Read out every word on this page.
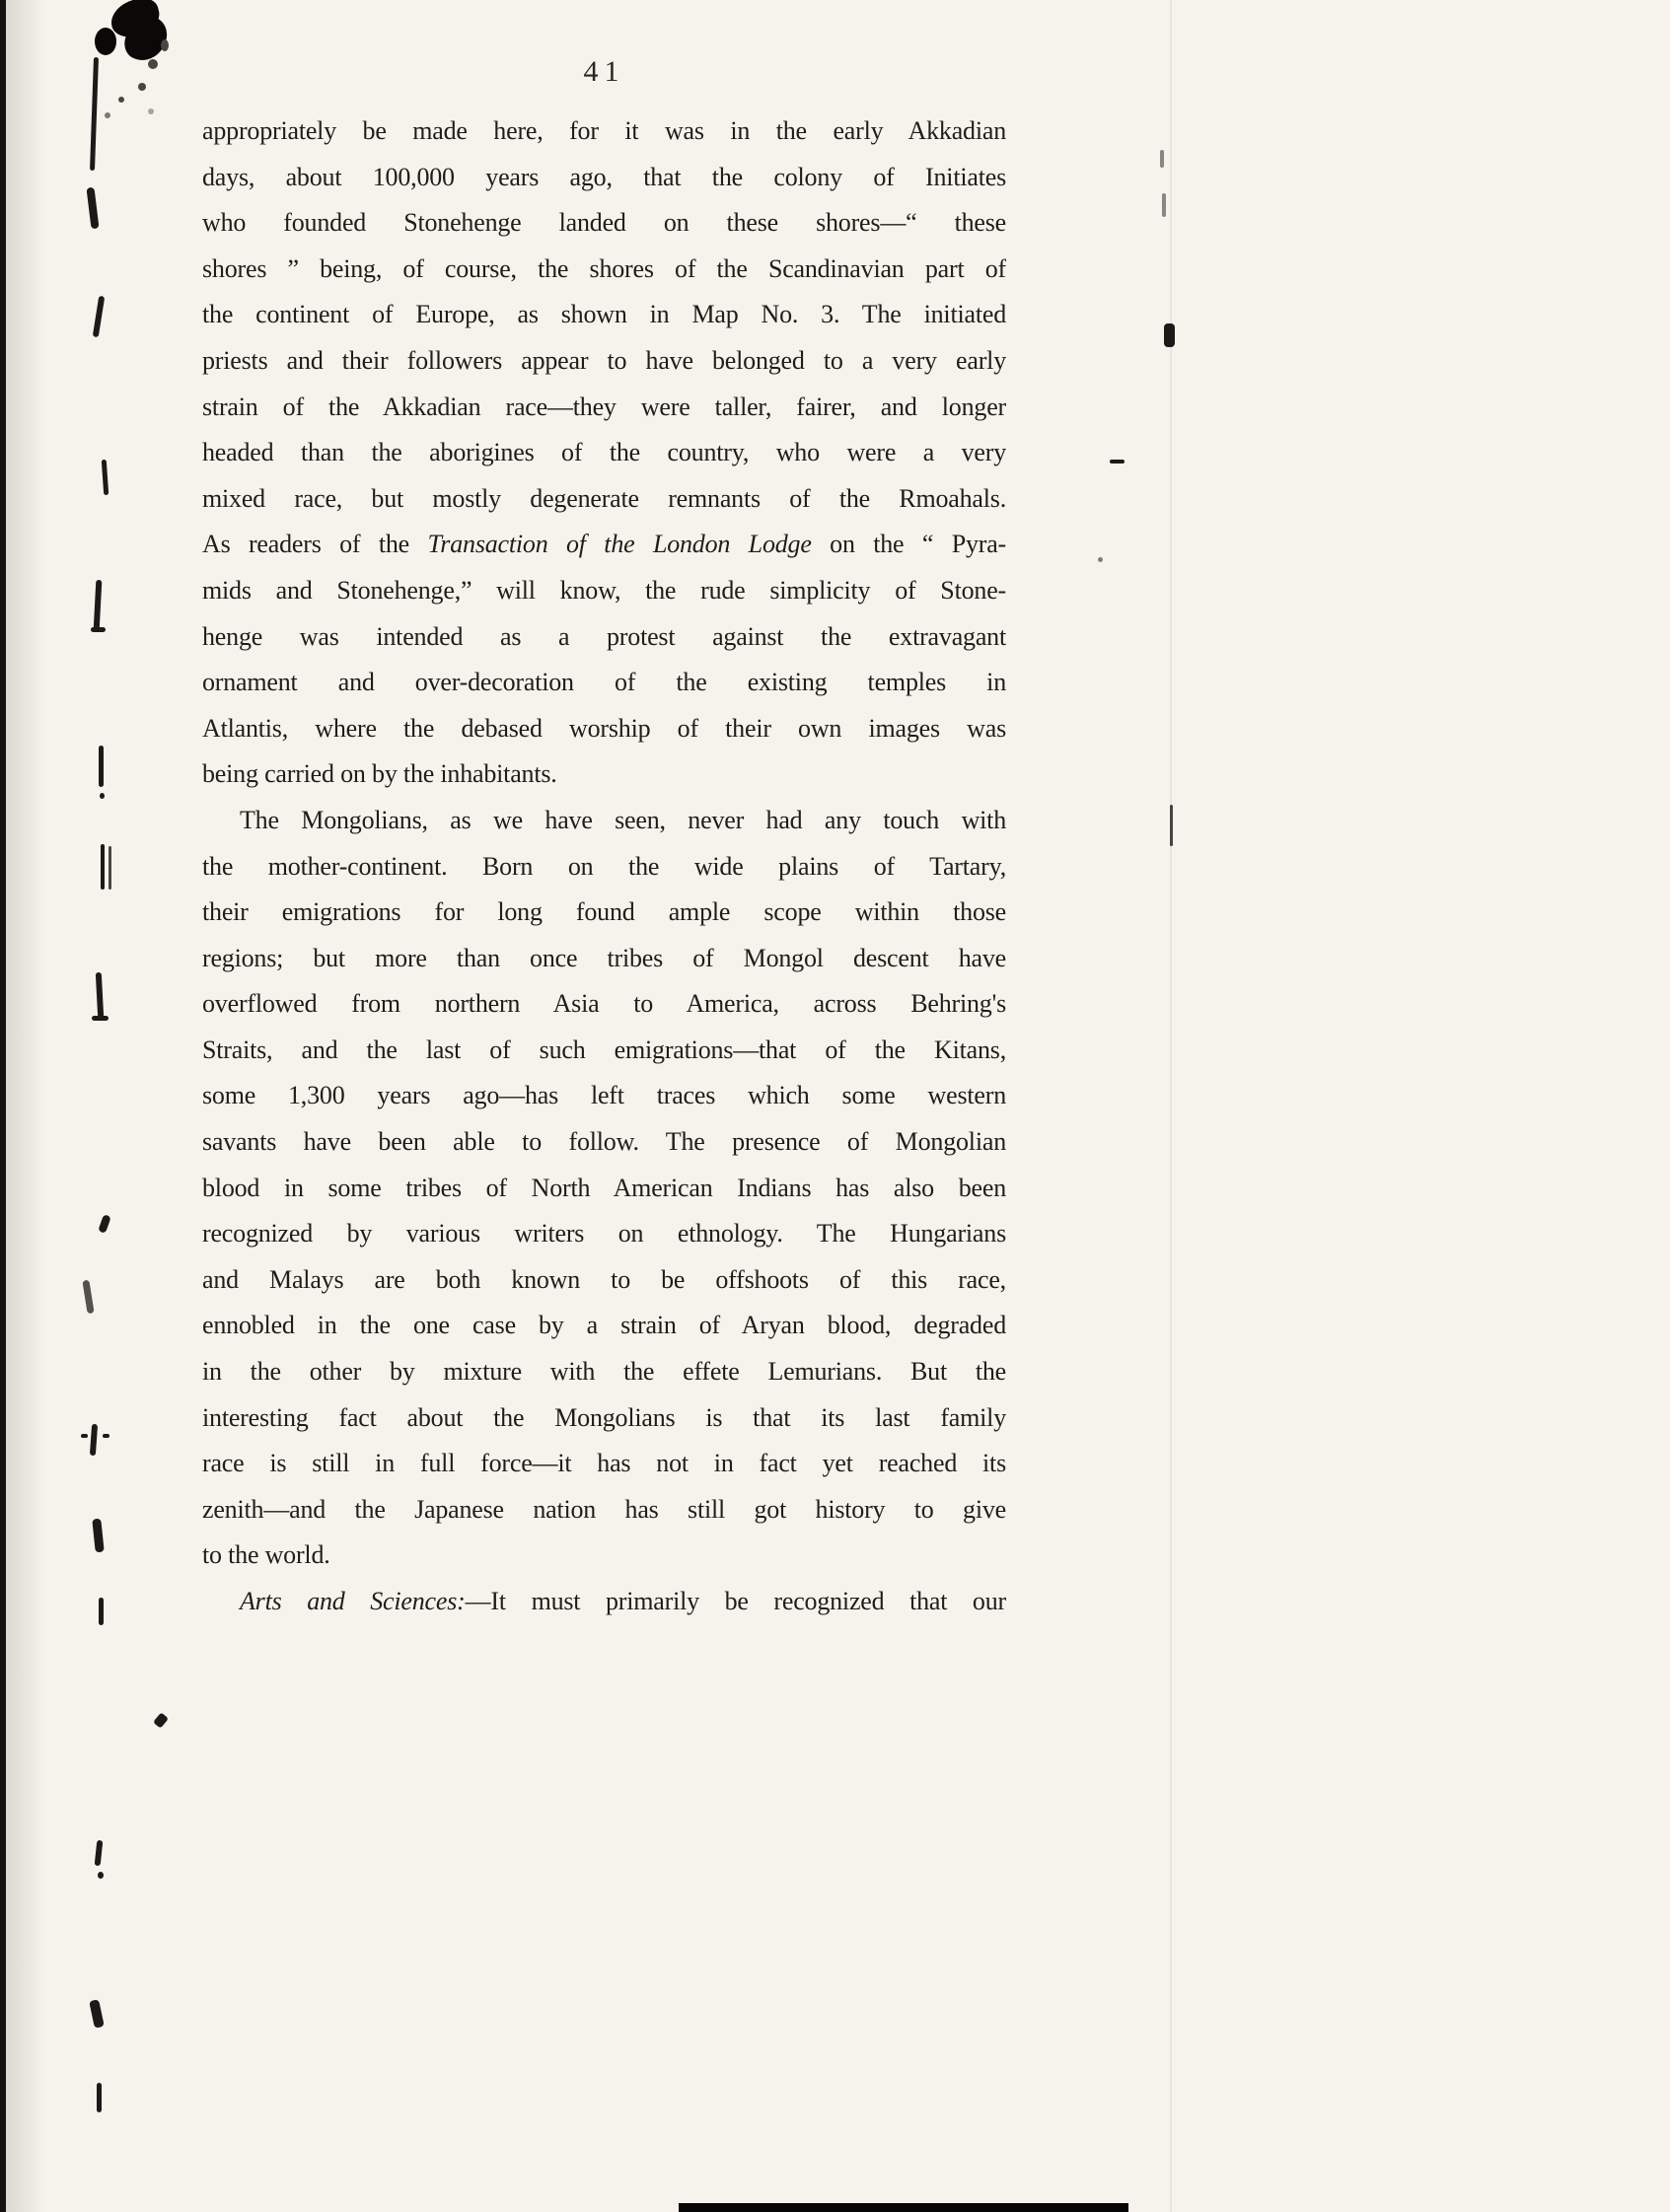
41
appropriately be made here, for it was in the early Akkadian
days, about 100,000 years ago, that the colony of Initiates
who founded Stonehenge landed on these shores—“ these
shores ” being, of course, the shores of the Scandinavian part of
the continent of Europe, as shown in Map No. 3. The initiated
priests and their followers appear to have belonged to a very early
strain of the Akkadian race—they were taller, fairer, and longer
headed than the aborigines of the country, who were a very
mixed race, but mostly degenerate remnants of the Rmoahals.
As readers of the Transaction of the London Lodge on the “ Pyra-
mids and Stonehenge,” will know, the rude simplicity of Stone-
henge was intended as a protest against the extravagant
ornament and over-decoration of the existing temples in
Atlantis, where the debased worship of their own images was
being carried on by the inhabitants.
The Mongolians, as we have seen, never had any touch with
the mother-continent. Born on the wide plains of Tartary,
their emigrations for long found ample scope within those
regions; but more than once tribes of Mongol descent have
overflowed from northern Asia to America, across Behring's
Straits, and the last of such emigrations—that of the Kitans,
some 1,300 years ago—has left traces which some western
savants have been able to follow. The presence of Mongolian
blood in some tribes of North American Indians has also been
recognized by various writers on ethnology. The Hungarians
and Malays are both known to be offshoots of this race,
ennobled in the one case by a strain of Aryan blood, degraded
in the other by mixture with the effete Lemurians. But the
interesting fact about the Mongolians is that its last family
race is still in full force—it has not in fact yet reached its
zenith—and the Japanese nation has still got history to give
to the world.
Arts and Sciences:—It must primarily be recognized that our
